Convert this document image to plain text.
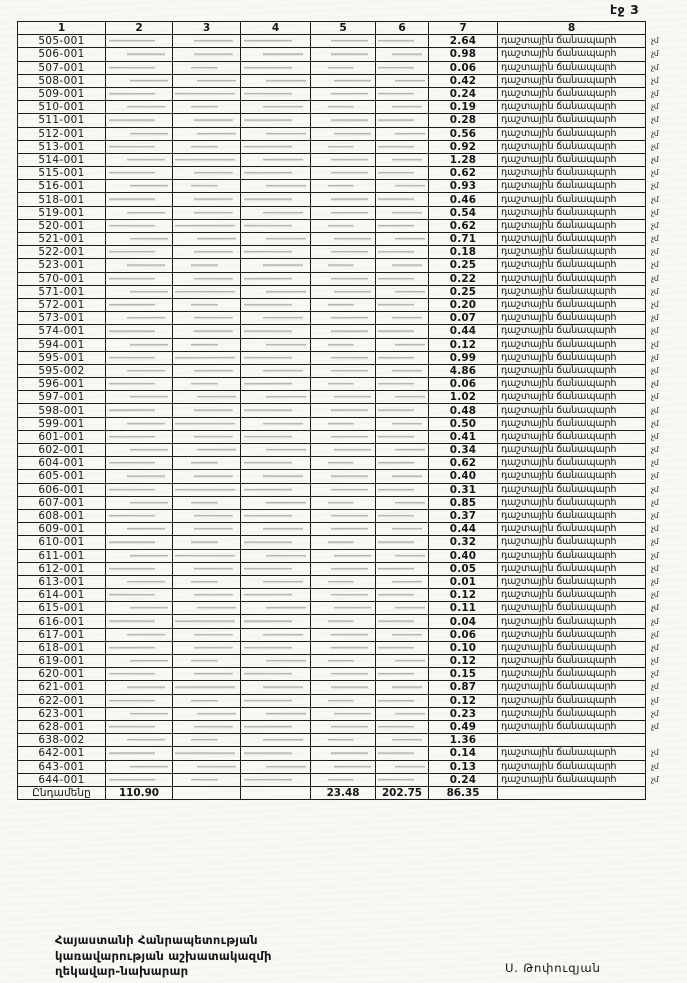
էջ 3
1	2	3	4	5	6	7	8	
505-001						2.64	դաշտային ճանապարհ	չմ
506-001						0.98	դաշտային ճանապարհ	չմ
507-001						0.06	դաշտային ճանապարհ	չմ
508-001						0.42	դաշտային ճանապարհ	չմ
509-001						0.24	դաշտային ճանապարհ	չմ
510-001						0.19	դաշտային ճանապարհ	չմ
511-001						0.28	դաշտային ճանապարհ	չմ
512-001						0.56	դաշտային ճանապարհ	չմ
513-001						0.92	դաշտային ճանապարհ	չմ
514-001						1.28	դաշտային ճանապարհ	չմ
515-001						0.62	դաշտային ճանապարհ	չմ
516-001						0.93	դաշտային ճանապարհ	չմ
518-001						0.46	դաշտային ճանապարհ	չմ
519-001						0.54	դաշտային ճանապարհ	չմ
520-001						0.62	դաշտային ճանապարհ	չմ
521-001						0.71	դաշտային ճանապարհ	չմ
522-001						0.18	դաշտային ճանապարհ	չմ
523-001						0.25	դաշտային ճանապարհ	չմ
570-001						0.22	դաշտային ճանապարհ	չմ
571-001						0.25	դաշտային ճանապարհ	չմ
572-001						0.20	դաշտային ճանապարհ	չմ
573-001						0.07	դաշտային ճանապարհ	չմ
574-001						0.44	դաշտային ճանապարհ	չմ
594-001						0.12	դաշտային ճանապարհ	չմ
595-001						0.99	դաշտային ճանապարհ	չմ
595-002						4.86	դաշտային ճանապարհ	չմ
596-001						0.06	դաշտային ճանապարհ	չմ
597-001						1.02	դաշտային ճանապարհ	չմ
598-001						0.48	դաշտային ճանապարհ	չմ
599-001						0.50	դաշտային ճանապարհ	չմ
601-001						0.41	դաշտային ճանապարհ	չմ
602-001						0.34	դաշտային ճանապարհ	չմ
604-001						0.62	դաշտային ճանապարհ	չմ
605-001						0.40	դաշտային ճանապարհ	չմ
606-001						0.31	դաշտային ճանապարհ	չմ
607-001						0.85	դաշտային ճանապարհ	չմ
608-001						0.37	դաշտային ճանապարհ	չմ
609-001						0.44	դաշտային ճանապարհ	չմ
610-001						0.32	դաշտային ճանապարհ	չմ
611-001						0.40	դաշտային ճանապարհ	չմ
612-001						0.05	դաշտային ճանապարհ	չմ
613-001						0.01	դաշտային ճանապարհ	չմ
614-001						0.12	դաշտային ճանապարհ	չմ
615-001						0.11	դաշտային ճանապարհ	չմ
616-001						0.04	դաշտային ճանապարհ	չմ
617-001						0.06	դաշտային ճանապարհ	չմ
618-001						0.10	դաշտային ճանապարհ	չմ
619-001						0.12	դաշտային ճանապարհ	չմ
620-001						0.15	դաշտային ճանապարհ	չմ
621-001						0.87	դաշտային ճանապարհ	չմ
622-001						0.12	դաշտային ճանապարհ	չմ
623-001						0.23	դաշտային ճանապարհ	չմ
628-001						0.49	դաշտային ճանապարհ	չմ
638-002						1.36		
642-001						0.14	դաշտային ճանապարհ	չմ
643-001						0.13	դաշտային ճանապարհ	չմ
644-001						0.24	դաշտային ճանապարհ	չմ
Ընդամենը	110.90			23.48	202.75	86.35		
Հայաստանի Հանրապետության
կառավարության աշխատակազմի
ղեկավար-նախարար	Ս. Թոփուզյան
